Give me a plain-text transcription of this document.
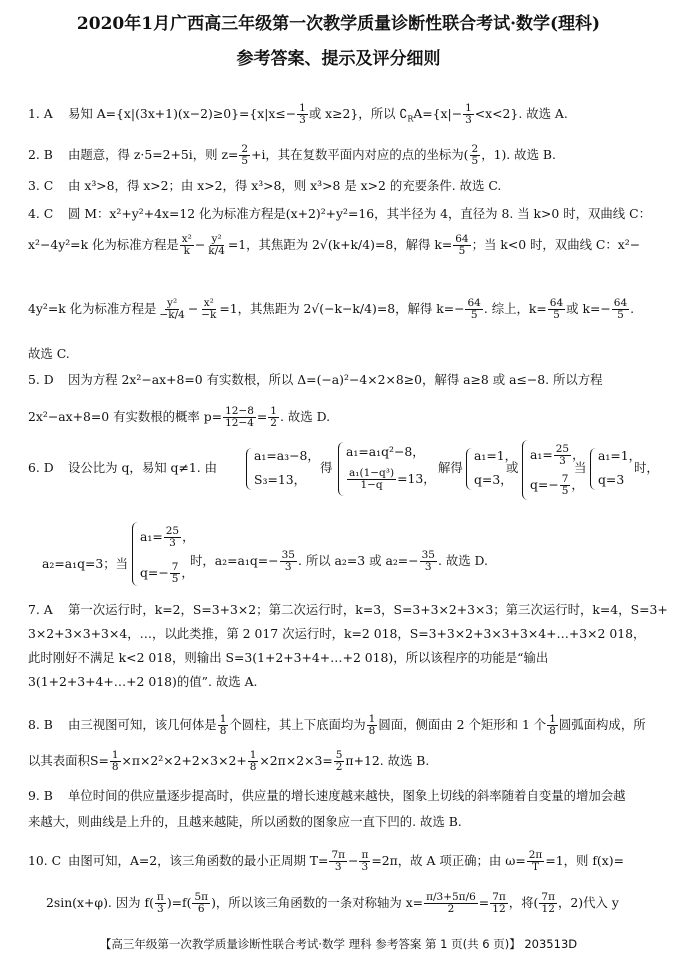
2020年1月广西高三年级第一次教学质量诊断性联合考试·数学(理科)
参考答案、提示及评分细则
1. A 易知 $A=\{x|(3x+1)(x-2)\ge 0\}=\{x|x\le- \frac{1}{3}$ 或 x≥2}，所以 $∁_RA=\{x|- \frac{1}{3} <x<2\}$. 故选 A.
2. B 由题意，得 z·5=2+5i，则 $z= \frac{2}{5} +i$，其在复数平面内对应的点的坐标为( $\frac{2}{5}$ ，1). 故选 B.
3. C 由 x³>8，得 x>2；由 x>2，得 x³>8，则 x³>8 是 x>2 的充要条件. 故选 C.
4. C 圆 M：x²+y²+4x=12 化为标准方程是(x+2)²+y²=16，其半径为 4，直径为 8. 当 k>0 时，双曲线 C：
x²−4y²=k 化为标准方程是 $\frac{\text{x²}}{k} - \frac{\text{y²}}{k/4} =1$，其焦距为 2√(k+k/4)=8，解得 $k= \frac{64}{5}$ ；当 k<0 时，双曲线 C：x²−
4y²=k 化为标准方程是 $\frac{\text{y²}}{-k/4} - \frac{\text{x²}}{-k} =1$，其焦距为 2√(−k−k/4)=8，解得 $k=- \frac{64}{5}$ . 综上，$k= \frac{64}{5}$ 或 $k=- \frac{64}{5}$ .
故选 C.
5. D 因为方程 2x²−ax+8=0 有实数根，所以 Δ=(−a)²−4×2×8≥0，解得 a≥8 或 a≤−8. 所以方程
2x²−ax+8=0 有实数根的概率 $p= \frac{12-8}{12-4} = \frac{1}{2}$ . 故选 D.
6. D 设公比为 q，易知 q≠1. 由
a₁=a₃−8，
S₃=13，
得
a₁=a₁q²−8，
$\frac{\text{a₁(1−q³)}}{1-q} =13$，
解得
a₁=1，
q=3，
或
$a_1= \frac{25}{3}$ ，
$q=- \frac{7}{5}$ ，
当
a₁=1，
q=3
时，
a₂=a₁q=3；当
$a_1= \frac{25}{3}$ ，
$q=- \frac{7}{5}$ ，
时，$a_2=a_1q=- \frac{35}{3}$ . 所以 a₂=3 或 $a_2=- \frac{35}{3}$ . 故选 D.
7. A 第一次运行时，k=2，S=3+3×2；第二次运行时，k=3，S=3+3×2+3×3；第三次运行时，k=4，S=3+
3×2+3×3+3×4，…，以此类推，第 2 017 次运行时，k=2 018，S=3+3×2+3×3+3×4+…+3×2 018，
此时刚好不满足 k<2 018，则输出 S=3(1+2+3+4+…+2 018)，所以该程序的功能是“输出
3(1+2+3+4+…+2 018)的值”. 故选 A.
8. B 由三视图可知，该几何体是 $\frac{1}{8}$ 个圆柱，其上下底面均为 $\frac{1}{8}$ 圆面，侧面由 2 个矩形和 1 个 $\frac{1}{8}$ 圆弧面构成，所
以其表面积$S= \frac{1}{8} \times\pi\times 2^2\times 2+2\times 3\times 2+ \frac{1}{8} \times 2\pi\times 2\times 3= \frac{5}{2} \pi+12$. 故选 B.
9. B 单位时间的供应量逐步提高时，供应量的增长速度越来越快，图象上切线的斜率随着自变量的增加会越
来越大，则曲线是上升的，且越来越陡，所以函数的图象应一直下凹的. 故选 B.
10. C 由图可知，A=2，该三角函数的最小正周期 $T= \frac{7\pi}{3} - \frac{\pi}{3} =2\pi$，故 A 项正确；由 $\omega= \frac{2\pi}{T} =1$，则 f(x)=
2sin(x+φ). 因为 $f( \frac{\pi}{3} )=f( \frac{5\pi}{6}$ )，所以该三角函数的一条对称轴为 $x= \frac{\pi/3+5\pi/6}{2} = \frac{7\pi}{12}$ ，将( $\frac{7\pi}{12}$ ，2)代入 y
【高三年级第一次教学质量诊断性联合考试·数学 理科 参考答案 第 1 页(共 6 页)】 203513D
